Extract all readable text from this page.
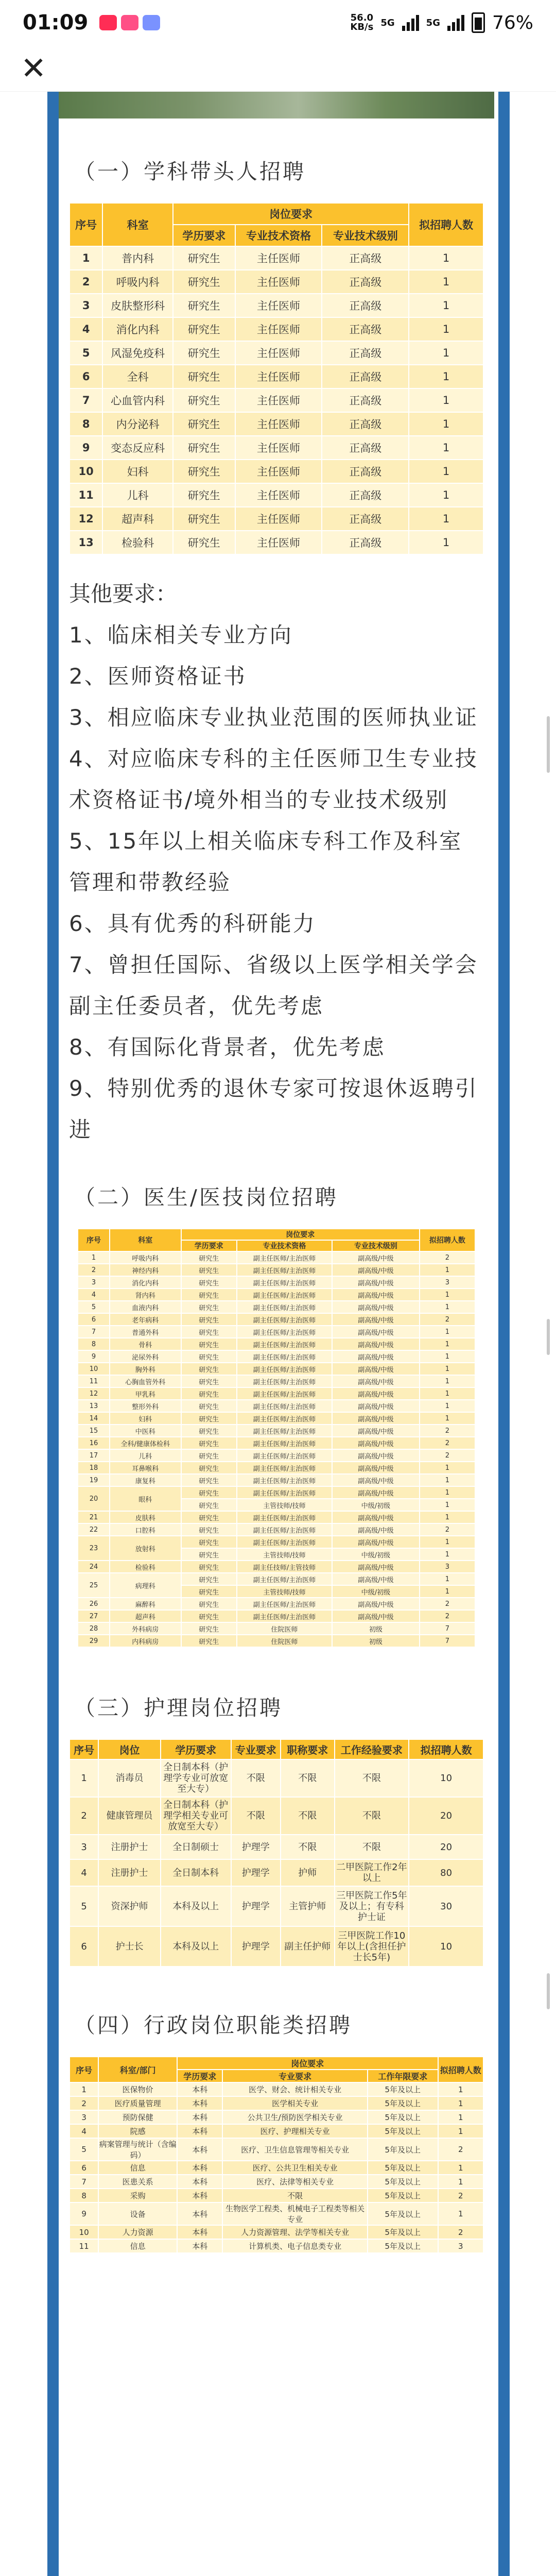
01:09	56.0
KB/s 5G	5G	76%
✕
（一）学科带头人招聘
序号	科室	岗位要求			拟招聘人数
		学历要求	专业技术资格	专业技术级别	
1	普内科	研究生	主任医师	正高级	1
2	呼吸内科	研究生	主任医师	正高级	1
3	皮肤整形科	研究生	主任医师	正高级	1
4	消化内科	研究生	主任医师	正高级	1
5	风湿免疫科	研究生	主任医师	正高级	1
6	全科	研究生	主任医师	正高级	1
7	心血管内科	研究生	主任医师	正高级	1
8	内分泌科	研究生	主任医师	正高级	1
9	变态反应科	研究生	主任医师	正高级	1
10	妇科	研究生	主任医师	正高级	1
11	儿科	研究生	主任医师	正高级	1
12	超声科	研究生	主任医师	正高级	1
13	检验科	研究生	主任医师	正高级	1
其他要求：
1、临床相关专业方向
2、医师资格证书
3、相应临床专业执业范围的医师执业证
4、对应临床专科的主任医师卫生专业技术资格证书/境外相当的专业技术级别
5、15年以上相关临床专科工作及科室管理和带教经验
6、具有优秀的科研能力
7、曾担任国际、省级以上医学相关学会副主任委员者，优先考虑
8、有国际化背景者，优先考虑
9、特别优秀的退休专家可按退休返聘引进
（二）医生/医技岗位招聘
序号	科室	岗位要求			拟招聘人数
		学历要求	专业技术资格	专业技术级别	
1	呼吸内科	研究生	副主任医师/主治医师	副高级/中级	2
2	神经内科	研究生	副主任医师/主治医师	副高级/中级	1
3	消化内科	研究生	副主任医师/主治医师	副高级/中级	3
4	肾内科	研究生	副主任医师/主治医师	副高级/中级	1
5	血液内科	研究生	副主任医师/主治医师	副高级/中级	1
6	老年病科	研究生	副主任医师/主治医师	副高级/中级	2
7	普通外科	研究生	副主任医师/主治医师	副高级/中级	1
8	骨科	研究生	副主任医师/主治医师	副高级/中级	1
9	泌尿外科	研究生	副主任医师/主治医师	副高级/中级	1
10	胸外科	研究生	副主任医师/主治医师	副高级/中级	1
11	心胸血管外科	研究生	副主任医师/主治医师	副高级/中级	1
12	甲乳科	研究生	副主任医师/主治医师	副高级/中级	1
13	整形外科	研究生	副主任医师/主治医师	副高级/中级	1
14	妇科	研究生	副主任医师/主治医师	副高级/中级	1
15	中医科	研究生	副主任医师/主治医师	副高级/中级	2
16	全科/健康体检科	研究生	副主任医师/主治医师	副高级/中级	2
17	儿科	研究生	副主任医师/主治医师	副高级/中级	2
18	耳鼻喉科	研究生	副主任医师/主治医师	副高级/中级	1
19	康复科	研究生	副主任医师/主治医师	副高级/中级	1
20	眼科	研究生	副主任医师/主治医师	副高级/中级	1
		研究生	主管技师/技师	中级/初级	1
21	皮肤科	研究生	副主任医师/主治医师	副高级/中级	1
22	口腔科	研究生	副主任医师/主治医师	副高级/中级	2
23	放射科	研究生	副主任医师/主治医师	副高级/中级	1
		研究生	主管技师/技师	中级/初级	1
24	检验科	研究生	副主任技师/主管技师	副高级/中级	3
25	病理科	研究生	副主任医师/主治医师	副高级/中级	1
		研究生	主管技师/技师	中级/初级	1
26	麻醉科	研究生	副主任医师/主治医师	副高级/中级	2
27	超声科	研究生	副主任医师/主治医师	副高级/中级	2
28	外科病房	研究生	住院医师	初级	7
29	内科病房	研究生	住院医师	初级	7
（三）护理岗位招聘
序号	岗位	学历要求	专业要求	职称要求	工作经验要求	拟招聘人数
1	消毒员	全日制本科（护理学专业可放宽至大专）	不限	不限	不限	10
2	健康管理员	全日制本科（护理学相关专业可放宽至大专）	不限	不限	不限	20
3	注册护士	全日制硕士	护理学	不限	不限	20
4	注册护士	全日制本科	护理学	护师	二甲医院工作2年以上	80
5	资深护师	本科及以上	护理学	主管护师	三甲医院工作5年及以上；有专科护士证	30
6	护士长	本科及以上	护理学	副主任护师	三甲医院工作10年以上(含担任护士长5年)	10
（四）行政岗位职能类招聘
序号	科室/部门	岗位要求			拟招聘人数
		学历要求	专业要求	工作年限要求	
1	医保物价	本科	医学、财会、统计相关专业	5年及以上	1
2	医疗质量管理	本科	医学相关专业	5年及以上	1
3	预防保健	本科	公共卫生/预防医学相关专业	5年及以上	1
4	院感	本科	医疗、护理相关专业	5年及以上	1
5	病案管理与统计（含编码）	本科	医疗、卫生信息管理等相关专业	5年及以上	2
6	信息	本科	医疗、公共卫生相关专业	5年及以上	1
7	医患关系	本科	医疗、法律等相关专业	5年及以上	1
8	采购	本科	不限	5年及以上	2
9	设备	本科	生物医学工程类、机械电子工程类等相关专业	5年及以上	1
10	人力资源	本科	人力资源管理、法学等相关专业	5年及以上	2
11	信息	本科	计算机类、电子信息类专业	5年及以上	3
